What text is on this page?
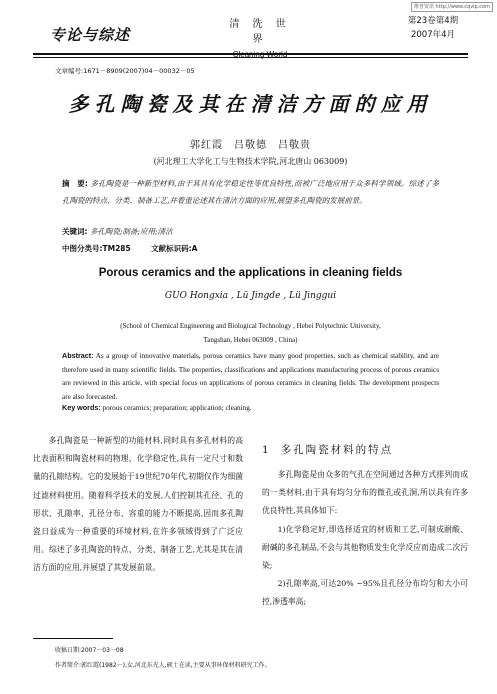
维普资讯 http://www.cqvip.com
专论与综述
清 洗 世 界
第23卷第4期
2007年4月
文章编号:1671－8909(2007)04－00032－05
多孔陶瓷及其在清洁方面的应用
郭红霞　吕敬德　吕敬贵
(河北理工大学化工与生物技术学院,河北唐山 063009)
摘　要: 多孔陶瓷是一种新型材料,由于其具有化学稳定性等优良特性,而被广泛地应用于众多科学领域。综述了多孔陶瓷的特点、分类、制备工艺,并着重论述其在清洁方面的应用,展望多孔陶瓷的发展前景。
关键词: 多孔陶瓷;制备;应用;清洁
中图分类号:TM285	文献标识码:A
Porous ceramics and the applications in cleaning fields
GUO Hongxia , Lü Jingde , Lü Jinggui
(School of Chemical Engineering and Biological Technology , Hebei Polytechnic University,
Tangshan, Hebei 063009 , China)
Abstract: As a group of innovative materials, porous ceramics have many good properties, such as chemical stability, and are therefore used in many scientific fields. The properties, classifications and applications manufacturing process of porous ceramics are reviewed in this article, with special focus on applications of porous ceramics in cleaning fields. The development prospects are also forecasted.
Key words: porous ceramics; preparation; application; cleaning.
多孔陶瓷是一种新型的功能材料,同时具有多孔材料的高比表面积和陶瓷材料的物理、化学稳定性,具有一定尺寸和数量的孔隙结构。它的发展始于19世纪70年代,初期仅作为细菌过滤材料使用。随着科学技术的发展,人们控制其孔径、孔的形状、孔隙率、孔径分布、容重的能力不断提高,因而多孔陶瓷日益成为一种重要的环境材料,在许多领域得到了广泛应用。综述了多孔陶瓷的特点、分类、制备工艺,尤其是其在清洁方面的应用,并展望了其发展前景。
1 多孔陶瓷材料的特点

多孔陶瓷是由众多的气孔在空间通过各种方式排列而成的一类材料,由于具有均匀分布的微孔或孔洞,所以具有许多优良特性,其具体如下:

1)化学稳定好,即选择适宜的材质和工艺,可制成耐酸、耐碱的多孔制品,不会与其他物质发生化学反应而造成二次污染;

2)孔隙率高,可达20% ~95%且孔径分布均匀和大小可控,渗透率高;

收稿日期:2007－03－08
作者简介:郭红霞(1982－),女,河北东光人,硕士在读,主要从事环保材料研究工作。
